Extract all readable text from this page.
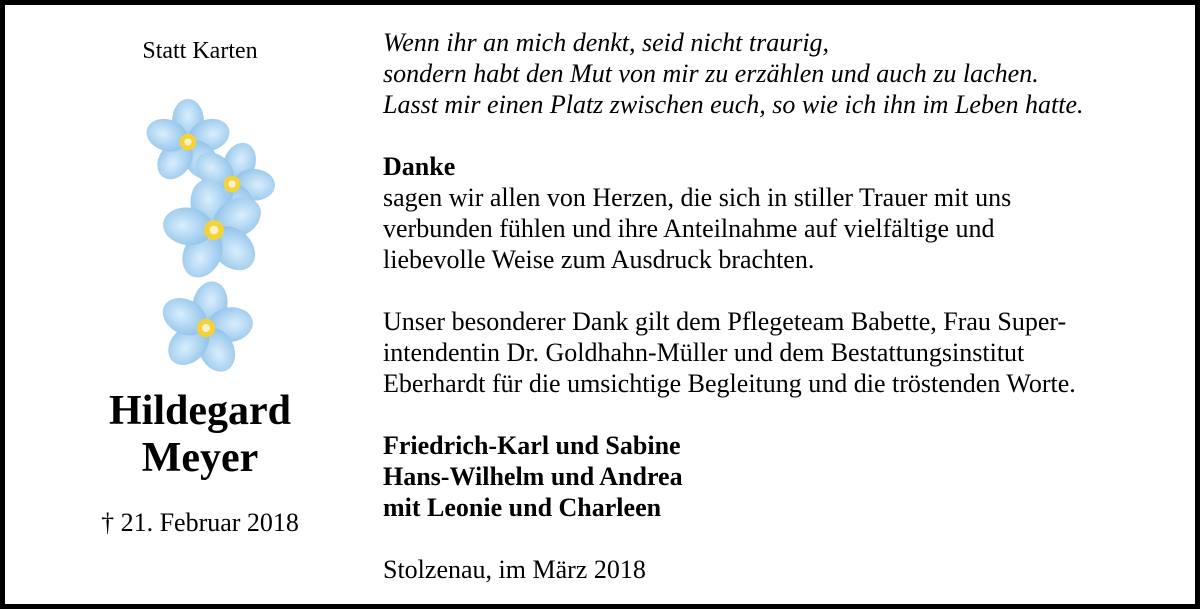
Statt Karten
Hildegard
Meyer
† 21. Februar 2018
Wenn ihr an mich denkt, seid nicht traurig,
sondern habt den Mut von mir zu erzählen und auch zu lachen.
Lasst mir einen Platz zwischen euch, so wie ich ihn im Leben hatte.
Danke
sagen wir allen von Herzen, die sich in stiller Trauer mit uns
verbunden fühlen und ihre Anteilnahme auf vielfältige und
liebevolle Weise zum Ausdruck brachten.
Unser besonderer Dank gilt dem Pflegeteam Babette, Frau Super-
intendentin Dr. Goldhahn-Müller und dem Bestattungsinstitut
Eberhardt für die umsichtige Begleitung und die tröstenden Worte.
Friedrich-Karl und Sabine
Hans-Wilhelm und Andrea
mit Leonie und Charleen
Stolzenau, im März 2018
